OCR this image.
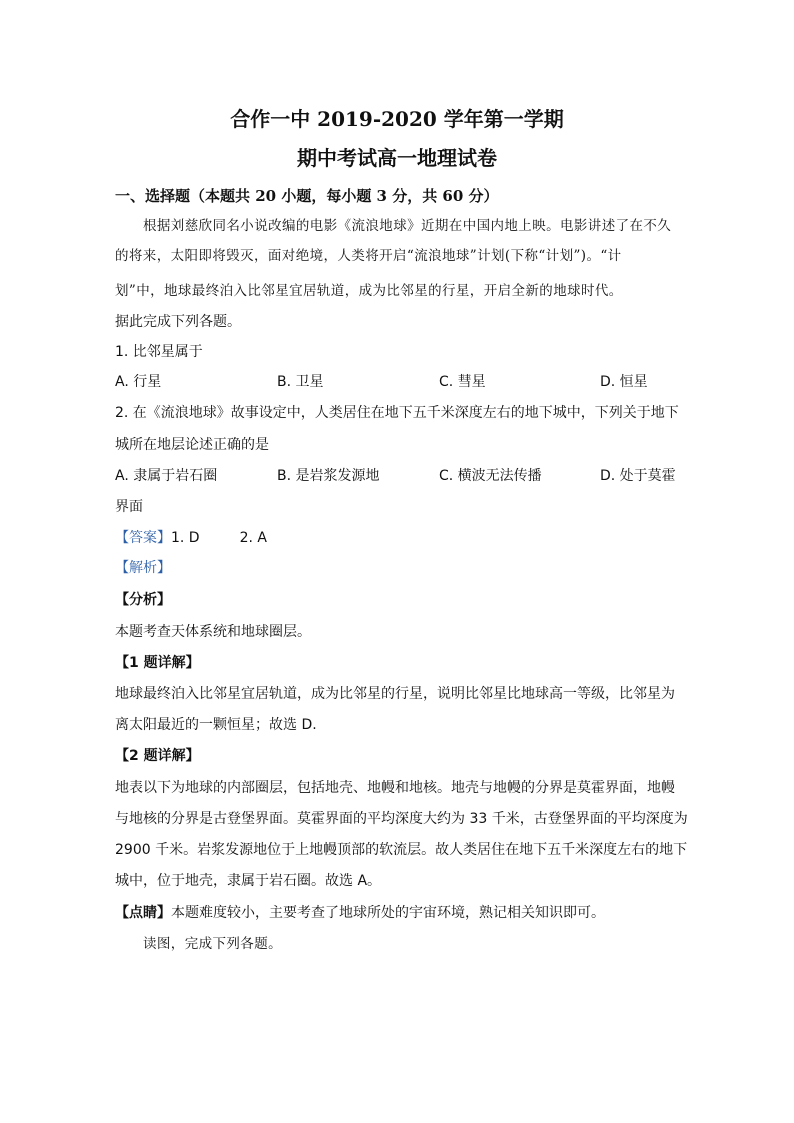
合作一中 2019-2020 学年第一学期
期中考试高一地理试卷
一、选择题（本题共 20 小题，每小题 3 分，共 60 分）
根据刘慈欣同名小说改编的电影《流浪地球》近期在中国内地上映。电影讲述了在不久
的将来，太阳即将毁灭，面对绝境，人类将开启“流浪地球”计划(下称“计划”)。“计
划”中，地球最终泊入比邻星宜居轨道，成为比邻星的行星，开启全新的地球时代。
据此完成下列各题。
1. 比邻星属于
A. 行星	B. 卫星	C. 彗星	D. 恒星
2. 在《流浪地球》故事设定中，人类居住在地下五千米深度左右的地下城中，下列关于地下
城所在地层论述正确的是
A. 隶属于岩石圈	B. 是岩浆发源地	C. 横波无法传播	D. 处于莫霍
界面
【答案】1. D	2. A
【解析】
【分析】
本题考查天体系统和地球圈层。
【1 题详解】
地球最终泊入比邻星宜居轨道，成为比邻星的行星，说明比邻星比地球高一等级，比邻星为
离太阳最近的一颗恒星；故选 D.
【2 题详解】
地表以下为地球的内部圈层，包括地壳、地幔和地核。地壳与地幔的分界是莫霍界面，地幔
与地核的分界是古登堡界面。莫霍界面的平均深度大约为 33 千米，古登堡界面的平均深度为
2900 千米。岩浆发源地位于上地幔顶部的软流层。故人类居住在地下五千米深度左右的地下
城中，位于地壳，隶属于岩石圈。故选 A。
【点睛】本题难度较小，主要考查了地球所处的宇宙环境，熟记相关知识即可。
读图，完成下列各题。
